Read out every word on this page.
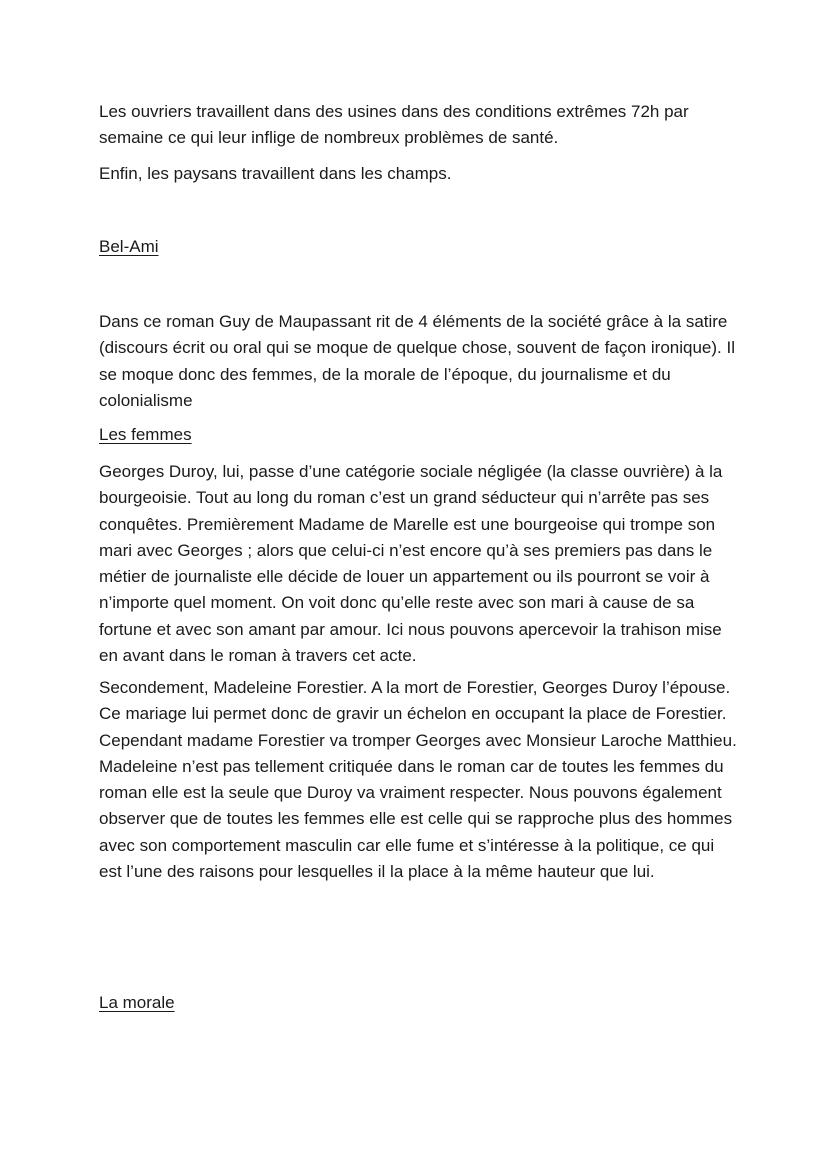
Les ouvriers travaillent dans des usines dans des conditions extrêmes 72h par semaine ce qui leur inflige de nombreux problèmes de santé.

Enfin, les paysans travaillent dans les champs.

Bel-Ami

Dans ce roman Guy de Maupassant rit de 4 éléments de la société grâce à la satire (discours écrit ou oral qui se moque de quelque chose, souvent de façon ironique). Il se moque donc des femmes, de la morale de l’époque, du journalisme et du colonialisme

Les femmes

Georges Duroy, lui, passe d’une catégorie sociale négligée (la classe ouvrière) à la bourgeoisie. Tout au long du roman c’est un grand séducteur qui n’arrête pas ses conquêtes. Premièrement Madame de Marelle est une bourgeoise qui trompe son mari avec Georges ; alors que celui-ci n’est encore qu’à ses premiers pas dans le métier de journaliste elle décide de louer un appartement ou ils pourront se voir à n’importe quel moment. On voit donc qu’elle reste avec son mari à cause de sa fortune et avec son amant par amour. Ici nous pouvons apercevoir la trahison mise en avant dans le roman à travers cet acte.

Secondement, Madeleine Forestier. A la mort de Forestier, Georges Duroy l’épouse. Ce mariage lui permet donc de gravir un échelon en occupant la place de Forestier. Cependant madame Forestier va tromper Georges avec Monsieur Laroche Matthieu. Madeleine n’est pas tellement critiquée dans le roman car de toutes les femmes du roman elle est la seule que Duroy va vraiment respecter. Nous pouvons également observer que de toutes les femmes elle est celle qui se rapproche plus des hommes avec son comportement masculin car elle fume et s’intéresse à la politique, ce qui est l’une des raisons pour lesquelles il la place à la même hauteur que lui.

La morale
